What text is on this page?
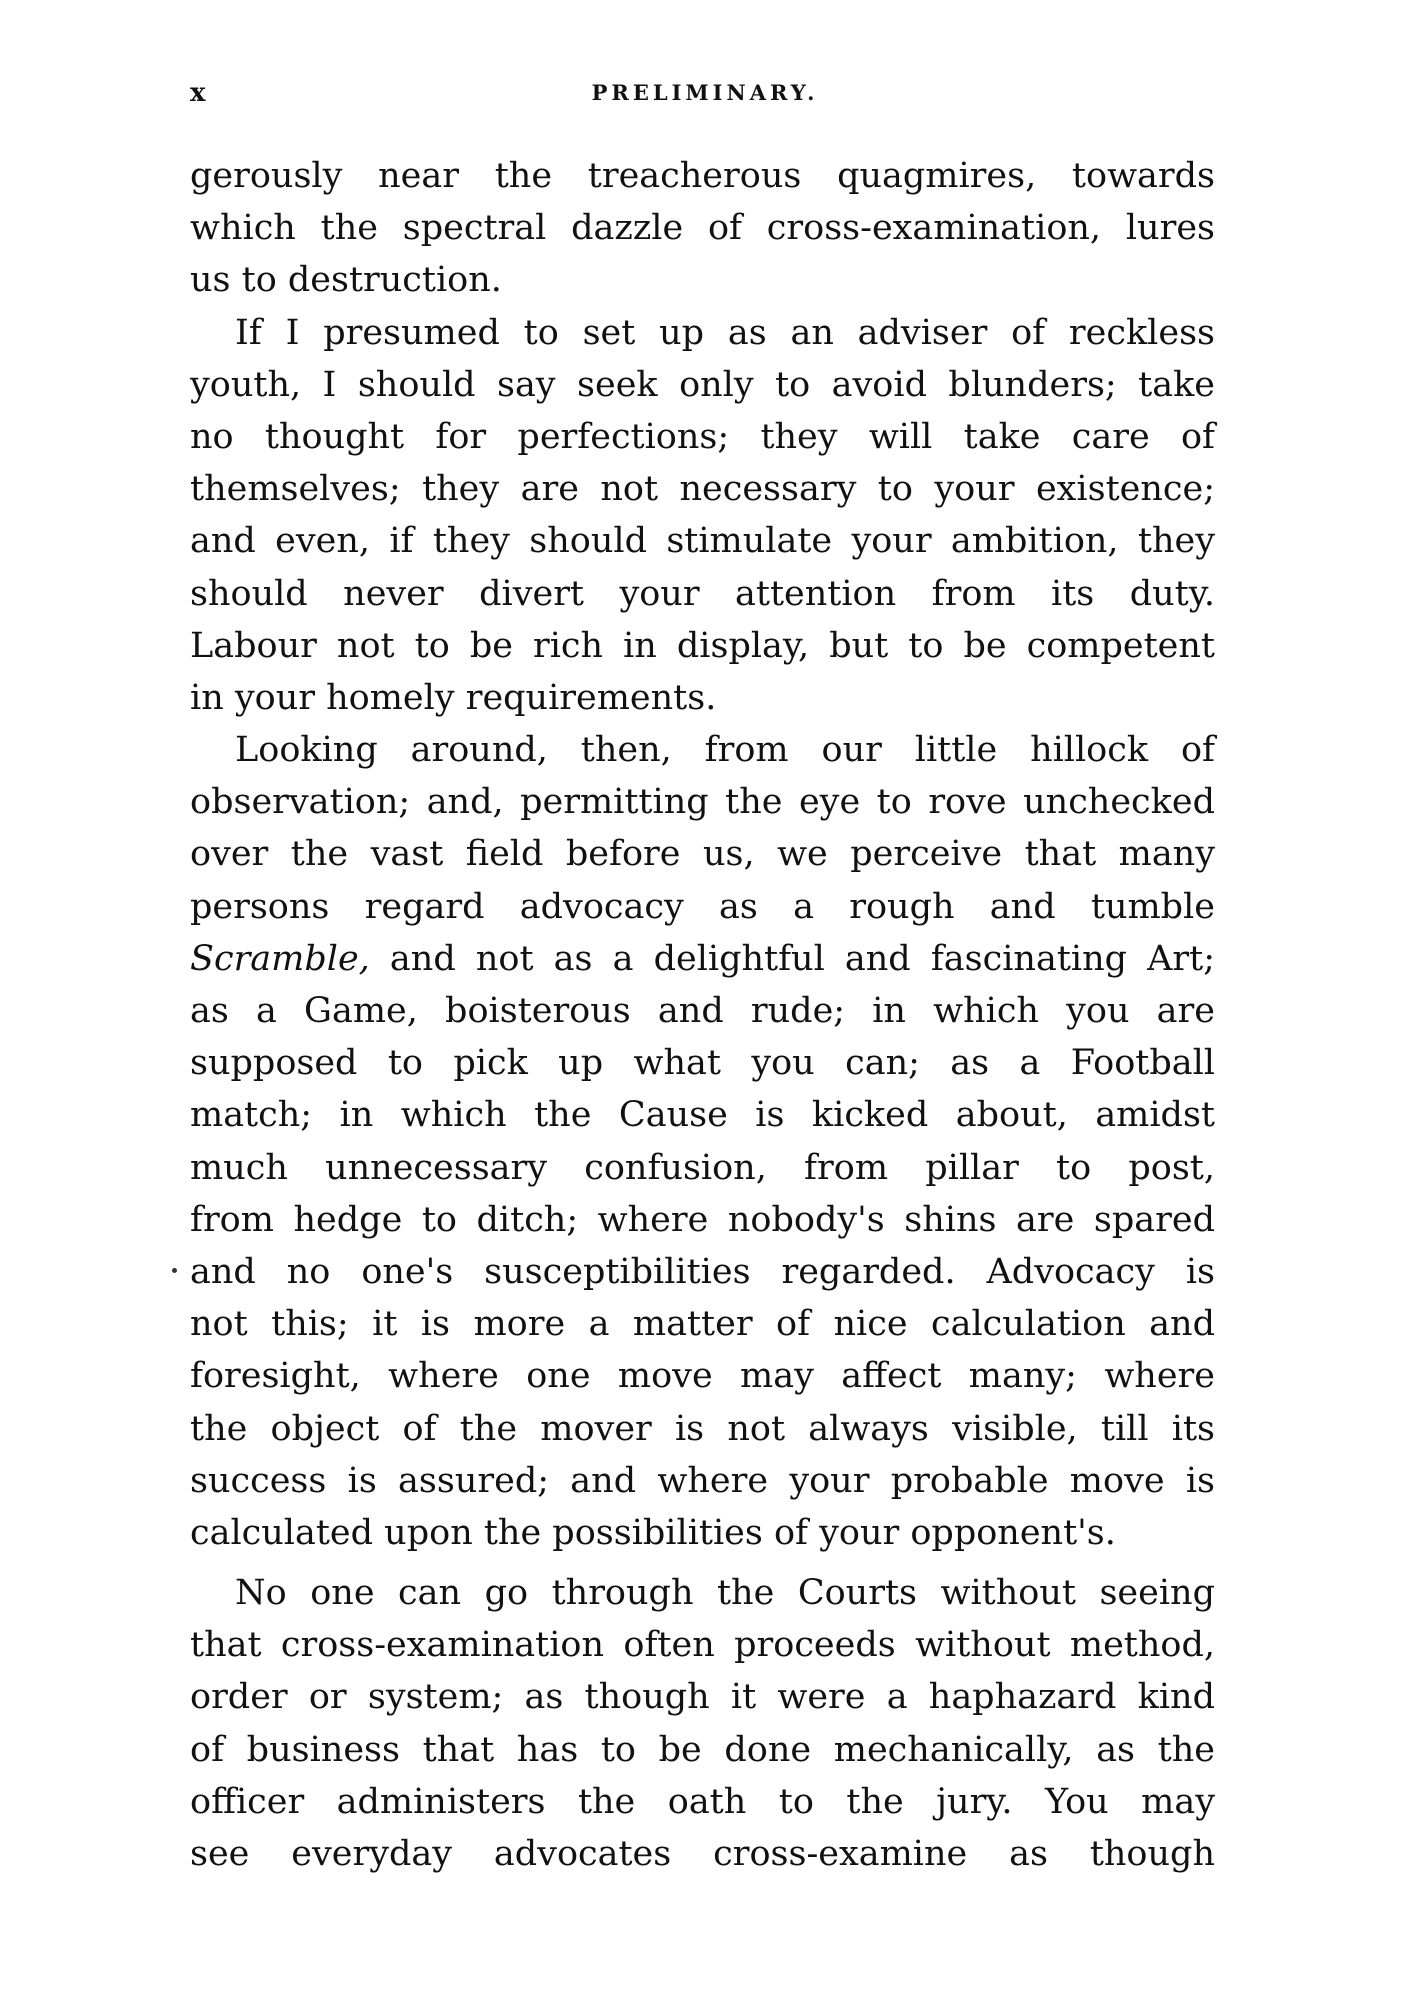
x	PRELIMINARY.
gerously near the treacherous quagmires, towards
which the spectral dazzle of cross-examination, lures
us to destruction.
If I presumed to set up as an adviser of reckless
youth, I should say seek only to avoid blunders; take
no thought for perfections; they will take care of
themselves; they are not necessary to your existence;
and even, if they should stimulate your ambition, they
should never divert your attention from its duty.
Labour not to be rich in display, but to be competent
in your homely requirements.
Looking around, then, from our little hillock of
observation; and, permitting the eye to rove unchecked
over the vast field before us, we perceive that many
persons regard advocacy as a rough and tumble
Scramble, and not as a delightful and fascinating Art;
as a Game, boisterous and rude; in which you are
supposed to pick up what you can; as a Football
match; in which the Cause is kicked about, amidst
much unnecessary confusion, from pillar to post,
from hedge to ditch; where nobody's shins are spared
and no one's susceptibilities regarded. Advocacy is
not this; it is more a matter of nice calculation and
foresight, where one move may affect many; where
the object of the mover is not always visible, till its
success is assured; and where your probable move is
calculated upon the possibilities of your opponent's.
No one can go through the Courts without seeing
that cross-examination often proceeds without method,
order or system; as though it were a haphazard kind
of business that has to be done mechanically, as the
officer administers the oath to the jury. You may
see everyday advocates cross-examine as though
